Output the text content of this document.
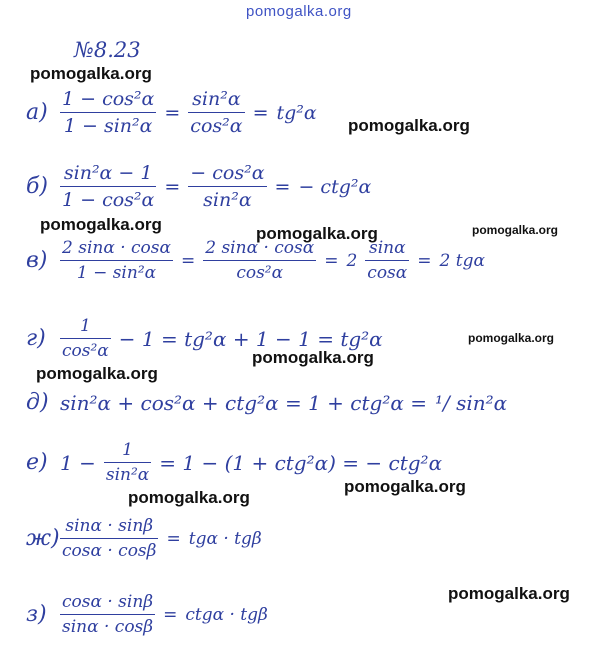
pomogalka.org
№8.23
$а) \frac{\text{1 − cos²α}}{\text{1 − sin²α}} = \frac{\text{sin²α}}{\text{cos²α}} = tg^2\alpha$
$б) \frac{\text{sin²α − 1}}{\text{1 − cos²α}} = \frac{\text{− cos²α}}{\text{sin²α}}$ = − ctg²α
$в) \frac{2 \sin\alpha \cdot \cos\alpha}{\text{1 − sin²α}} = \frac{2 \sin\alpha \cdot \cos\alpha}{\text{cos²α}} = 2 \frac{\sin\alpha}{\cos\alpha} = 2$ tgα
$г) \frac{1}{\text{cos²α}} - 1 = tg^2\alpha + 1 - 1 = tg^2\alpha$
д) sin²α + cos²α + ctg²α = 1 + ctg²α = ¹/ sin²α
е) $1 - \frac{1}{\text{sin²α}} = 1 - (1 + ctg^2\alpha)$ = − ctg²α
$ж) \frac{\sin\alpha \cdot \sin\beta}{\cos\alpha \cdot \cos\beta} = tg\alpha \cdot tg\beta$
$з) \frac{\cos\alpha \cdot \sin\beta}{\sin\alpha \cdot \cos\beta} = ctg\alpha \cdot tg\beta$
pomogalka.org
pomogalka.org
pomogalka.org	pomogalka.org	pomogalka.org
pomogalka.org
pomogalka.org
pomogalka.org
pomogalka.org
pomogalka.org
pomogalka.org
